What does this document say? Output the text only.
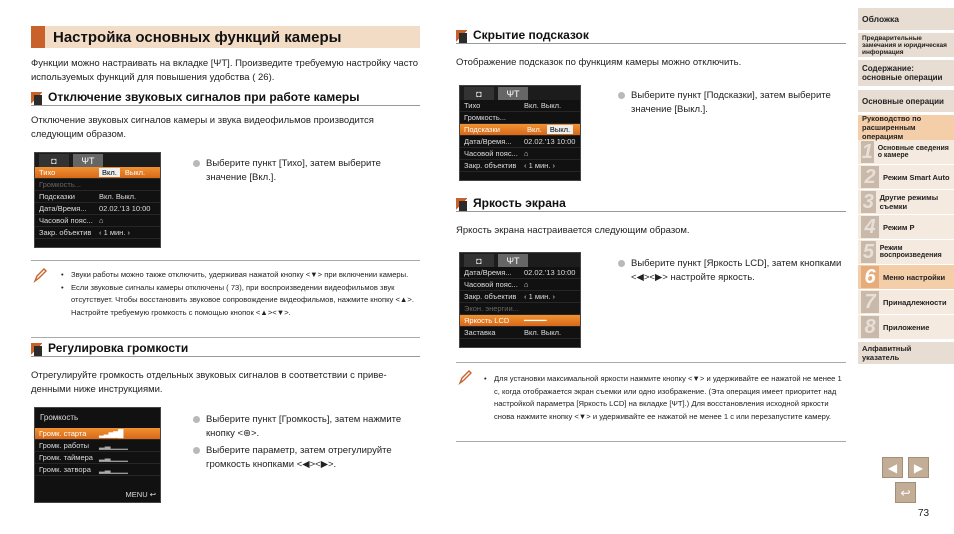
Настройка основных функций камеры
Функции можно настраивать на вкладке [ΨΤ]. Произведите требуемую настройку часто используемых функций для повышения удобства ( 26).
Отключение звуковых сигналов при работе камеры
Отключение звуковых сигналов камеры и звука видеофильмов производится следующим образом.
◘	ΨΤ
Тихо	Вкл. Выкл.
Громкость...
Подсказки	Вкл. Выкл.
Дата/Время...	02.02.'13 10:00
Часовой пояс... ⌂
Закр. объектив	‹ 1 мин. ›
Выберите пункт [Тихо], затем выберите значение [Вкл.].
• Звуки работы можно также отключить, удерживая нажатой кнопку <▼> при включении камеры.
• Если звуковые сигналы камеры отключены ( 73), при воспроизведении видеофильмов звук отсутствует. Чтобы восстановить звуковое сопровождение видеофильмов, нажмите кнопку <▲>. Настройте требуемую громкость с помощью кнопок <▲><▼>.
Регулировка громкости
Отрегулируйте громкость отдельных звуковых сигналов в соответствии с приве-денными ниже инструкциями.
Громкость
Громк. старта	▂▃▅▆█
Громк. работы	▂▃▁▁▁
Громк. таймера ▂▃▁▁▁
Громк. затвора	▂▃▁▁▁
MENU ↩
Выберите пункт [Громкость], затем нажмите кнопку <⊛>.
Выберите параметр, затем отрегулируйте громкость кнопками <◀><▶>.
Скрытие подсказок
Отображение подсказок по функциям камеры можно отключить.
◘	ΨΤ
Тихо	Вкл. Выкл.
Громкость...
Подсказки	Вкл. Выкл.
Дата/Время...	02.02.'13 10:00
Часовой пояс... ⌂
Закр. объектив	‹ 1 мин. ›
Выберите пункт [Подсказки], затем выберите значение [Выкл.].
Яркость экрана
Яркость экрана настраивается следующим образом.
◘	ΨΤ
Дата/Время...	02.02.'13 10:00
Часовой пояс... ⌂
Закр. объектив	‹ 1 мин. ›
Экон. энергии...
Яркость LCD	━━━━━
Заставка	Вкл. Выкл.
Выберите пункт [Яркость LCD], затем кнопками <◀><▶> настройте яркость.
• Для установки максимальной яркости нажмите кнопку <▼> и удерживайте ее нажатой не менее 1 с, когда отображается экран съемки или одно изображение. (Эта операция имеет приоритет над настройкой параметра [Яркость LCD] на вкладке [ΨΤ].) Для восстановления исходной яркости снова нажмите кнопку <▼> и удерживайте ее нажатой не менее 1 с или перезапустите камеру.
Обложка
Предварительные замечания и юридическая информация
Содержание: основные операции
Основные операции
Руководство по расширенным операциям
1 Основные сведения о камере
2 Режим Smart Auto
3 Другие режимы съемки
4 Режим P
5 Режим воспроизведения
6 Меню настройки
7 Принадлежности
8 Приложение
Алфавитный указатель
◀ ▶
↩
73
